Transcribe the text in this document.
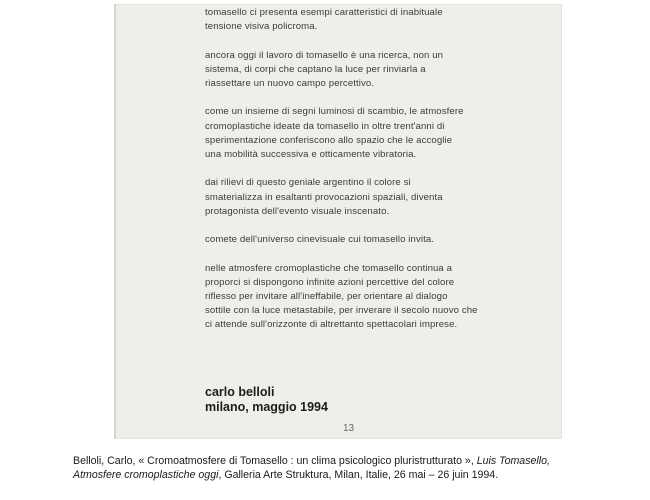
tomasello ci presenta esempi caratteristici di inabituale
tensione visiva policroma.

ancora oggi il lavoro di tomasello è una ricerca, non un
sistema, di corpi che captano la luce per rinviarla a
riassettare un nuovo campo percettivo.

come un insieme di segni luminosi di scambio, le atmosfere
cromoplastiche ideate da tomasello in oltre trent'anni di
sperimentazione conferiscono allo spazio che le accoglie
una mobilità successiva e otticamente vibratoria.

dai rilievi di questo geniale argentino il colore si
smaterializza in esaltanti provocazioni spaziali, diventa
protagonista dell'evento visuale inscenato.

comete dell'universo cinevisuale cui tomasello invita.

nelle atmosfere cromoplastiche che tomasello continua a
proporci si dispongono infinite azioni percettive del colore
riflesso per invitare all'ineffabile, per orientare al dialogo
sottile con la luce metastabile, per inverare il secolo nuovo che
ci attende sull'orizzonte di altrettanto spettacolari imprese.

carlo belloli
milano, maggio 1994
13
Belloli, Carlo, « Cromoatmosfere di Tomasello : un clima psicologico pluristrutturato », Luis Tomasello,
Atmosfere cromoplastiche oggi, Galleria Arte Struktura, Milan, Italie, 26 mai – 26 juin 1994.
